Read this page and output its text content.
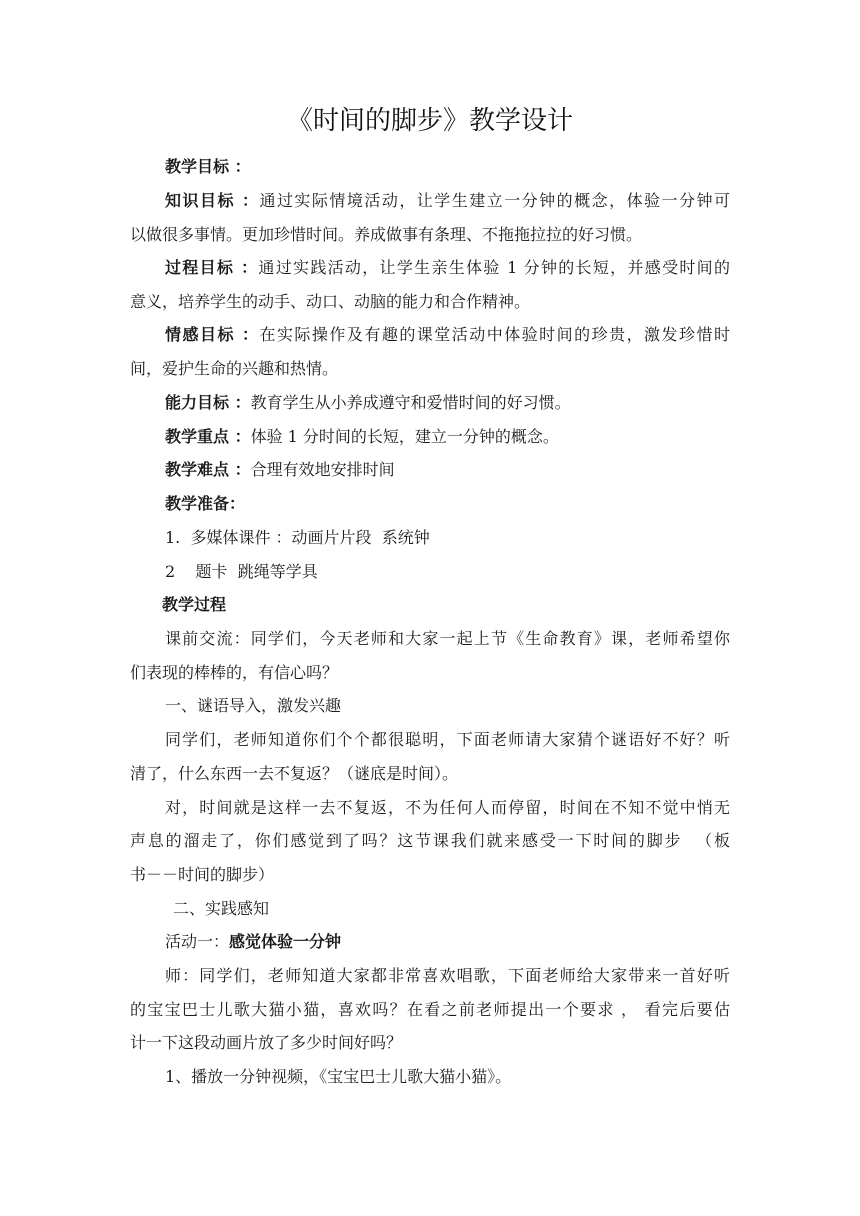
《时间的脚步》教学设计
教学目标 ：
知识目标 ：通过实际情境活动，让学生建立一分钟的概念，体验一分钟可
以做很多事情。更加珍惜时间。养成做事有条理、不拖拖拉拉的好习惯。
过程目标 ：通过实践活动，让学生亲生体验 1 分钟的长短，并感受时间的
意义，培养学生的动手、动口、动脑的能力和合作精神。
情感目标 ：在实际操作及有趣的课堂活动中体验时间的珍贵，激发珍惜时
间，爱护生命的兴趣和热情。
能力目标 ：教育学生从小养成遵守和爱惜时间的好习惯。
教学重点 ：体验 1 分时间的长短，建立一分钟的概念。
教学难点 ：合理有效地安排时间
教学准备：
1.  多媒体课件 ：动画片片段  系统钟
2    题卡  跳绳等学具
教学过程
课前交流：同学们，今天老师和大家一起上节《生命教育》课，老师希望你
们表现的棒棒的，有信心吗？
一、谜语导入，激发兴趣
同学们，老师知道你们个个都很聪明，下面老师请大家猜个谜语好不好？听
清了，什么东西一去不复返？（谜底是时间）。
对，时间就是这样一去不复返，不为任何人而停留，时间在不知不觉中悄无
声息的溜走了，你们感觉到了吗？这节课我们就来感受一下时间的脚步  （板
书－－时间的脚步）
二、实践感知
活动一：感觉体验一分钟
师：同学们，老师知道大家都非常喜欢唱歌，下面老师给大家带来一首好听
的宝宝巴士儿歌大猫小猫，喜欢吗？在看之前老师提出一个要求 ， 看完后要估
计一下这段动画片放了多少时间好吗？
1、播放一分钟视频，《宝宝巴士儿歌大猫小猫》。
